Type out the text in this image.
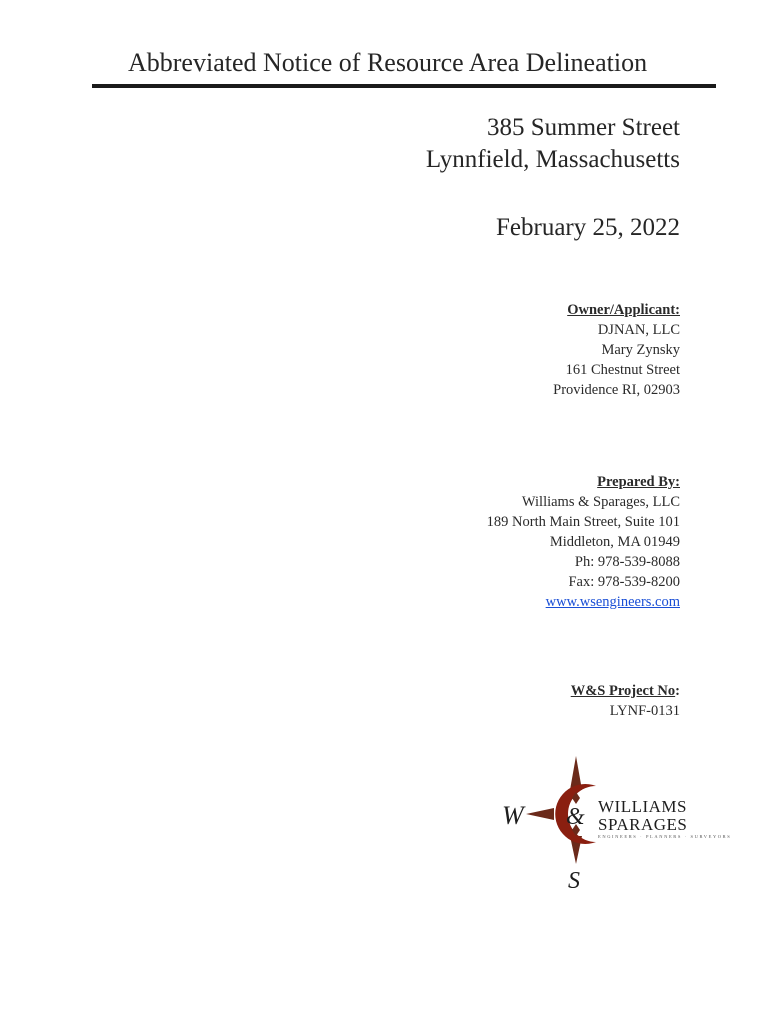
Abbreviated Notice of Resource Area Delineation
385 Summer Street
Lynnfield, Massachusetts
February 25, 2022
Owner/Applicant:
DJNAN, LLC
Mary Zynsky
161 Chestnut Street
Providence RI, 02903
Prepared By:
Williams & Sparages, LLC
189 North Main Street, Suite 101
Middleton, MA 01949
Ph: 978-539-8088
Fax: 978-539-8200
www.wsengineers.com
W&S Project No:
LYNF-0131
W &
S
WILLIAMS
SPARAGES
ENGINEERS · PLANNERS · SURVEYORS
